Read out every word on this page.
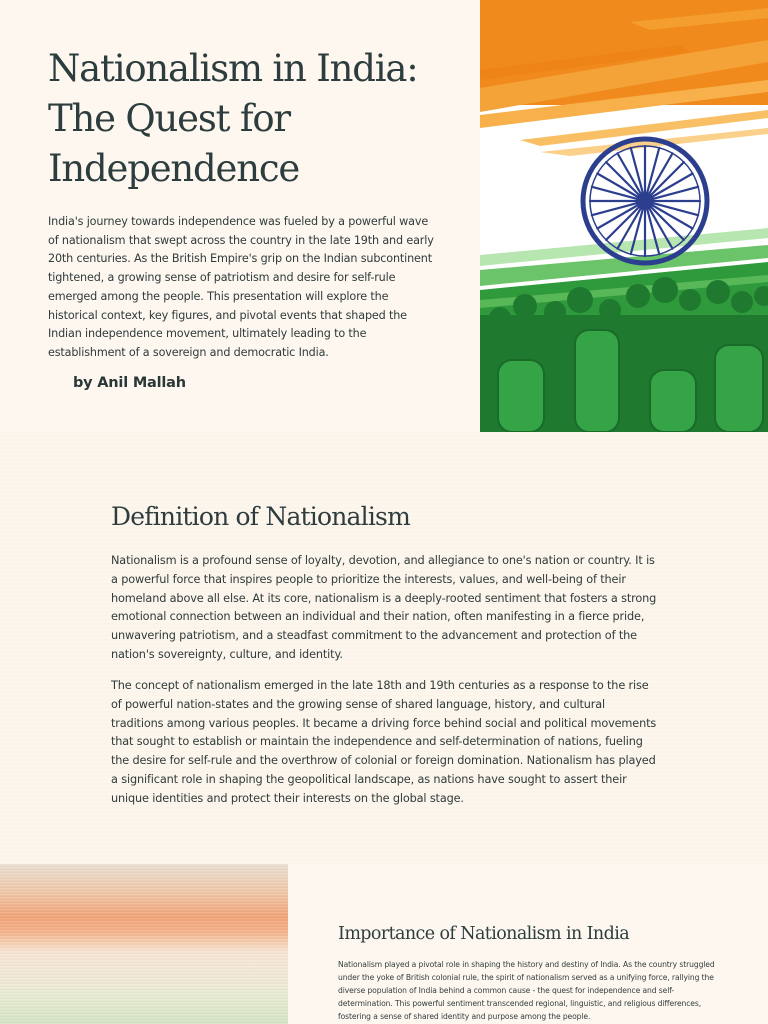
Nationalism in India:
The Quest for
Independence

India's journey towards independence was fueled by a powerful wave of nationalism that swept across the country in the late 19th and early 20th centuries. As the British Empire's grip on the Indian subcontinent tightened, a growing sense of patriotism and desire for self-rule emerged among the people. This presentation will explore the historical context, key figures, and pivotal events that shaped the Indian independence movement, ultimately leading to the establishment of a sovereign and democratic India.

by Anil Mallah

Definition of Nationalism

Nationalism is a profound sense of loyalty, devotion, and allegiance to one's nation or country. It is a powerful force that inspires people to prioritize the interests, values, and well-being of their homeland above all else. At its core, nationalism is a deeply-rooted sentiment that fosters a strong emotional connection between an individual and their nation, often manifesting in a fierce pride, unwavering patriotism, and a steadfast commitment to the advancement and protection of the nation's sovereignty, culture, and identity.

The concept of nationalism emerged in the late 18th and 19th centuries as a response to the rise of powerful nation-states and the growing sense of shared language, history, and cultural traditions among various peoples. It became a driving force behind social and political movements that sought to establish or maintain the independence and self-determination of nations, fueling the desire for self-rule and the overthrow of colonial or foreign domination. Nationalism has played a significant role in shaping the geopolitical landscape, as nations have sought to assert their unique identities and protect their interests on the global stage.

Importance of Nationalism in India

Nationalism played a pivotal role in shaping the history and destiny of India. As the country struggled under the yoke of British colonial rule, the spirit of nationalism served as a unifying force, rallying the diverse population of India behind a common cause - the quest for independence and self-determination. This powerful sentiment transcended regional, linguistic, and religious differences, fostering a sense of shared identity and purpose among the people.
